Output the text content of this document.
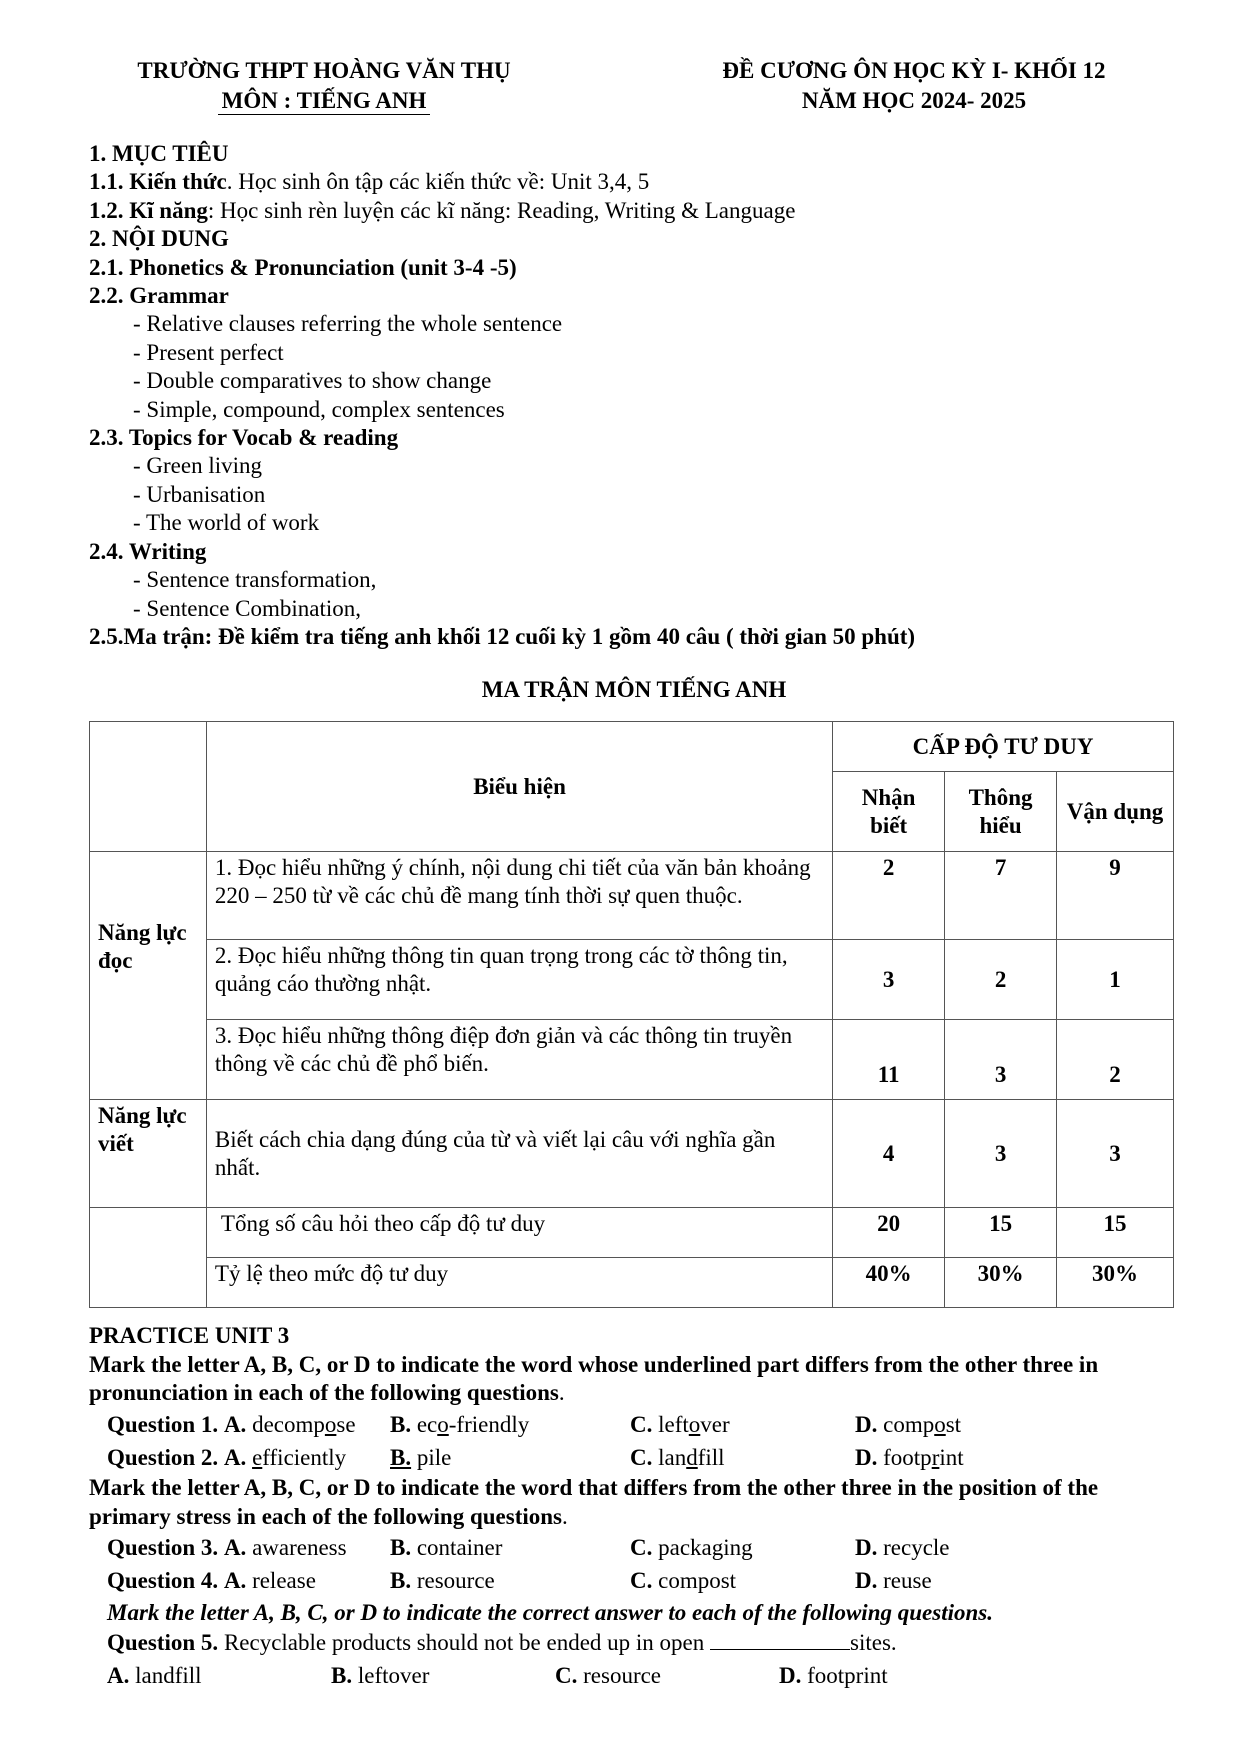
TRƯỜNG THPT HOÀNG VĂN THỤ
MÔN : TIẾNG ANH
ĐỀ CƯƠNG ÔN HỌC KỲ I- KHỐI 12
NĂM HỌC 2024- 2025
1. MỤC TIÊU
1.1. Kiến thức. Học sinh ôn tập các kiến thức về: Unit 3,4, 5
1.2. Kĩ năng: Học sinh rèn luyện các kĩ năng: Reading, Writing & Language
2. NỘI DUNG
2.1. Phonetics & Pronunciation (unit 3-4 -5)
2.2. Grammar
- Relative clauses referring the whole sentence
- Present perfect
- Double comparatives to show change
- Simple, compound, complex sentences
2.3. Topics for Vocab & reading
- Green living
- Urbanisation
- The world of work
2.4. Writing
- Sentence transformation,
- Sentence Combination,
2.5.Ma trận: Đề kiểm tra tiếng anh khối 12 cuối kỳ 1 gồm 40 câu ( thời gian 50 phút)
MA TRẬN MÔN TIẾNG ANH
	Biểu hiện	CẤP ĐỘ TƯ DUY		
		Nhận biết	Thông hiểu	Vận dụng
Năng lực đọc	1. Đọc hiểu những ý chính, nội dung chi tiết của văn bản khoảng 220 – 250 từ về các chủ đề mang tính thời sự quen thuộc.	2	7	9
	2. Đọc hiểu những thông tin quan trọng trong các tờ thông tin, quảng cáo thường nhật.	3	2	1
	3. Đọc hiểu những thông điệp đơn giản và các thông tin truyền thông về các chủ đề phổ biến.	11	3	2
Năng lực viết	Biết cách chia dạng đúng của từ và viết lại câu với nghĩa gần nhất.	4	3	3
	Tổng số câu hỏi theo cấp độ tư duy	20	15	15
	Tỷ lệ theo mức độ tư duy	40%	30%	30%
PRACTICE UNIT 3
Mark the letter A, B, C, or D to indicate the word whose underlined part differs from the other three in pronunciation in each of the following questions.
Question 1. A. decompose	B. eco-friendly	C. leftover	D. compost
Question 2. A. efficiently	B. pile	C. landfill	D. footprint
Mark the letter A, B, C, or D to indicate the word that differs from the other three in the position of the primary stress in each of the following questions.
Question 3. A. awareness	B. container	C. packaging	D. recycle
Question 4. A. release	B. resource	C. compost	D. reuse
Mark the letter A, B, C, or D to indicate the correct answer to each of the following questions.
Question 5. Recyclable products should not be ended up in open	sites.
A. landfill	B. leftover	C. resource	D. footprint
